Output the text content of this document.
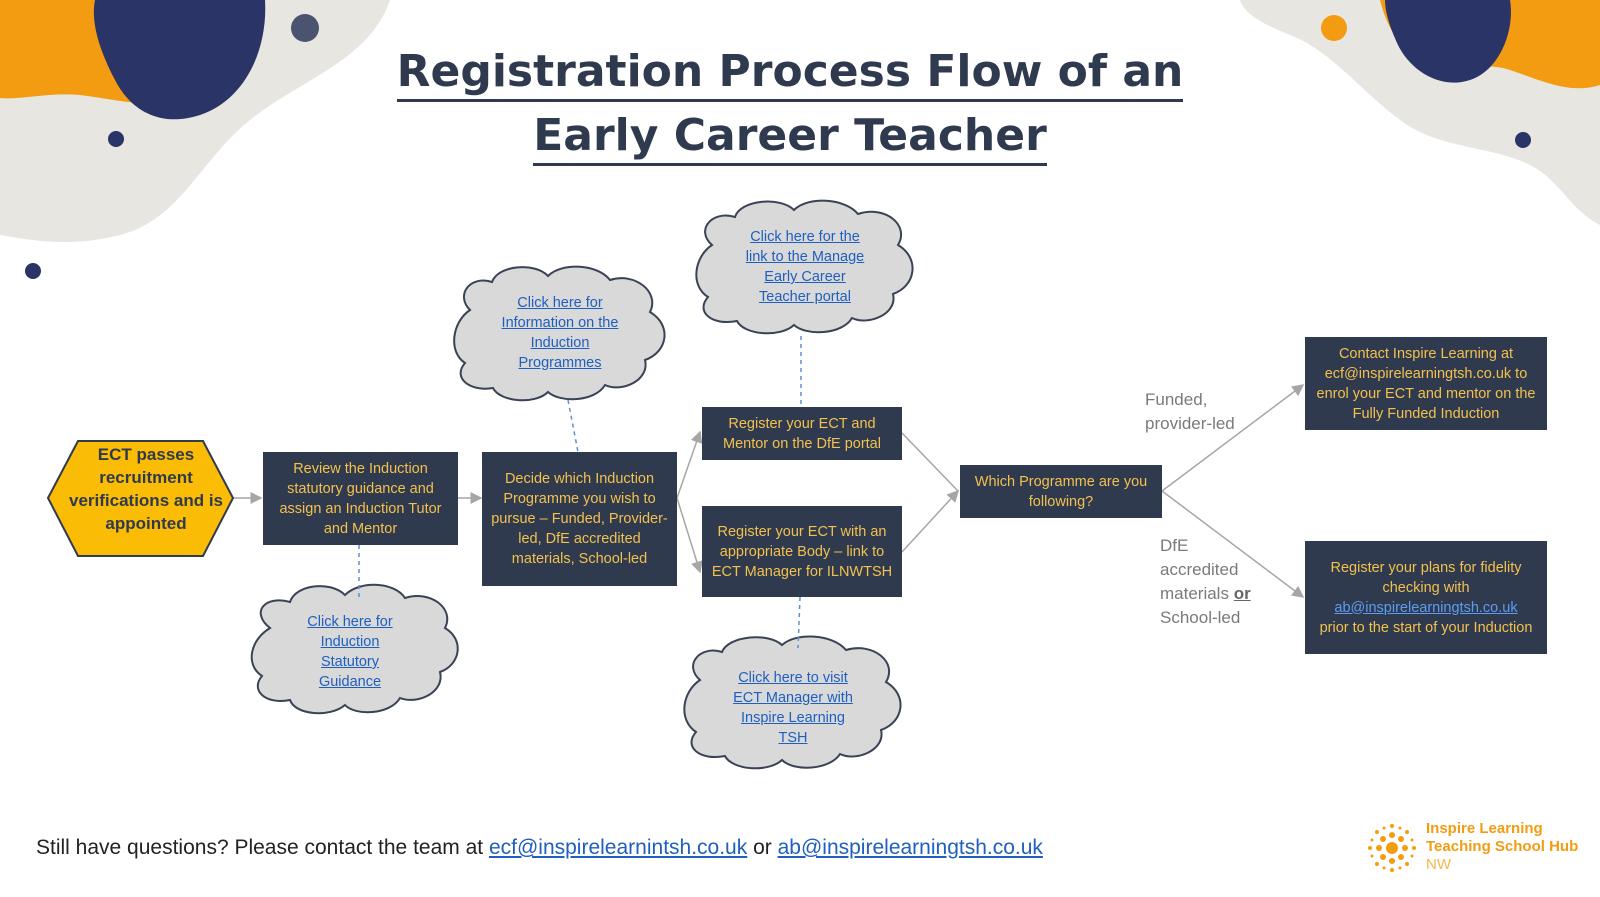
Registration Process Flow of an
Early Career Teacher
ECT passes recruitment verifications and is appointed
Review the Induction statutory guidance and assign an Induction Tutor and Mentor
Decide which Induction Programme you wish to pursue – Funded, Provider-led, DfE accredited materials, School-led
Register your ECT and Mentor on the DfE portal
Register your ECT with an appropriate Body – link to ECT Manager for ILNWTSH
Which Programme are you following?
Contact Inspire Learning at ecf@inspirelearningtsh.co.uk to enrol your ECT and mentor on the Fully Funded Induction
Register your plans for fidelity checking with
ab@inspirelearningtsh.co.uk
prior to the start of your Induction
Click here for Induction Statutory Guidance
Click here for Information on the Induction Programmes
Click here for the link to the Manage Early Career Teacher portal
Click here to visit ECT Manager with Inspire Learning TSH
Funded, provider-led
DfE accredited materials or
School-led
Still have questions? Please contact the team at ecf@inspirelearnintsh.co.uk or ab@inspirelearningtsh.co.uk
Inspire Learning
Teaching School Hub
NW
